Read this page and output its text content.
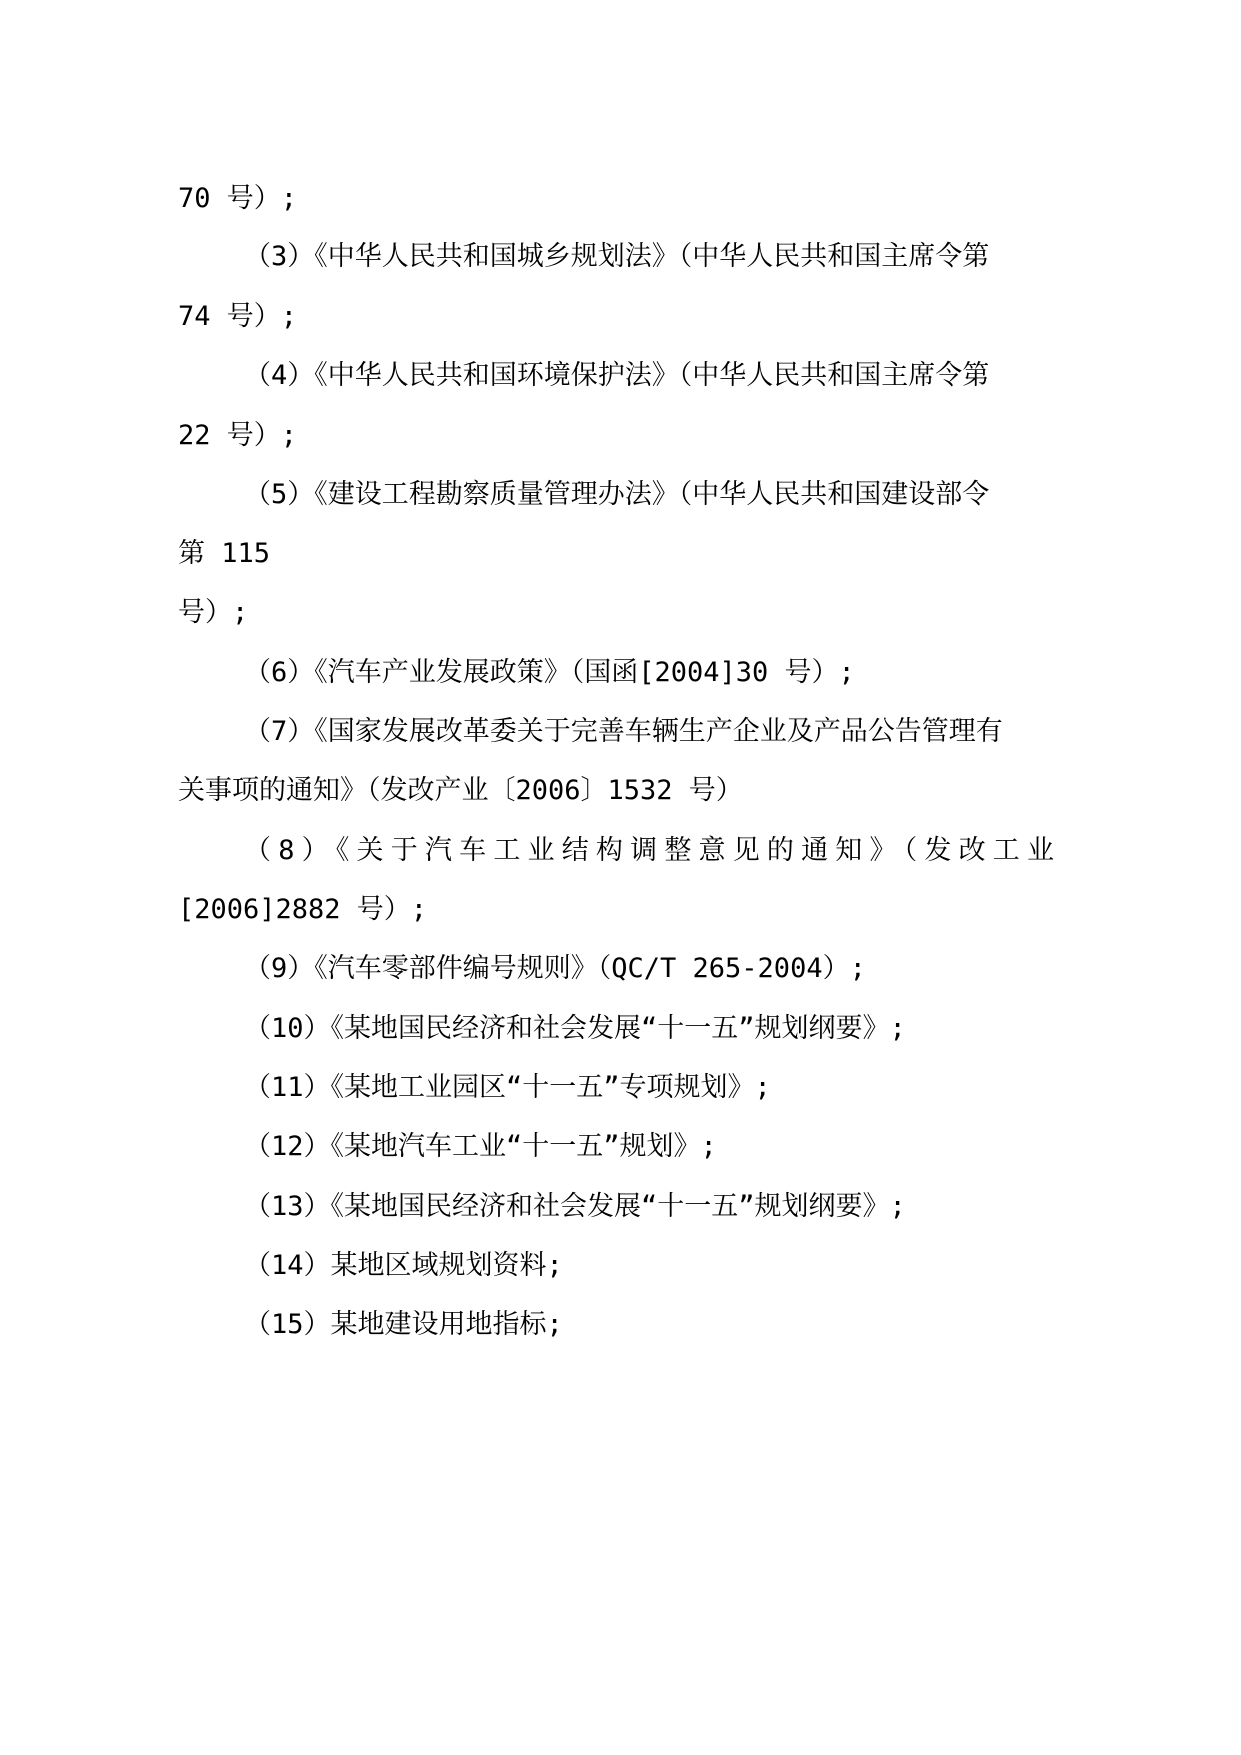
70 号）;
（3）《中华人民共和国城乡规划法》（中华人民共和国主席令第
74 号）;
（4）《中华人民共和国环境保护法》（中华人民共和国主席令第
22 号）;
（5）《建设工程勘察质量管理办法》（中华人民共和国建设部令
第 115
号）;
（6）《汽车产业发展政策》（国函[2004]30 号）;
（7）《国家发展改革委关于完善车辆生产企业及产品公告管理有
关事项的通知》（发改产业〔2006〕1532 号）
（8）《关于汽车工业结构调整意见的通知》（发改工业
[2006]2882 号）;
（9）《汽车零部件编号规则》（QC/T 265-2004）;
（10）《某地国民经济和社会发展“十一五”规划纲要》;
（11）《某地工业园区“十一五”专项规划》;
（12）《某地汽车工业“十一五”规划》;
（13）《某地国民经济和社会发展“十一五”规划纲要》;
（14）某地区域规划资料;
（15）某地建设用地指标;
